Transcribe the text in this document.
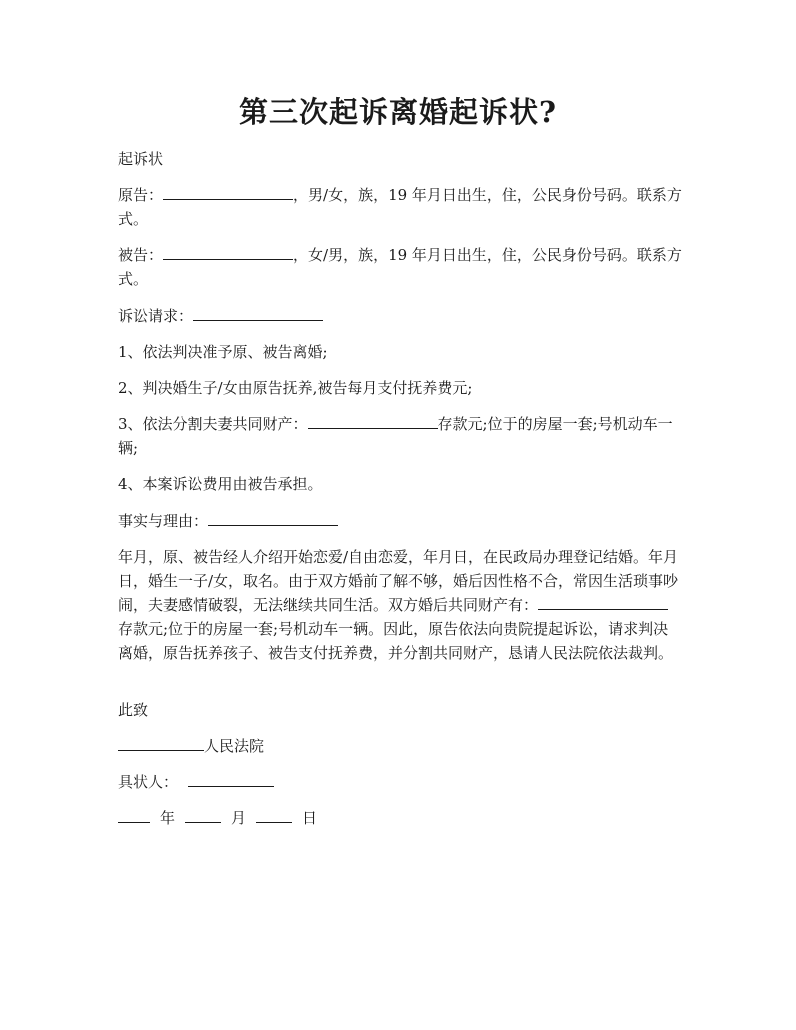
第三次起诉离婚起诉状?

起诉状

原告：	，男/女，族，19 年月日出生，住，公民身份号码。联系方式。

被告：	，女/男，族，19 年月日出生，住，公民身份号码。联系方式。

诉讼请求：

1、依法判决准予原、被告离婚;

2、判决婚生子/女由原告抚养,被告每月支付抚养费元;

3、依法分割夫妻共同财产：	存款元;位于的房屋一套;号机动车一辆;

4、本案诉讼费用由被告承担。

事实与理由：

年月，原、被告经人介绍开始恋爱/自由恋爱，年月日，在民政局办理登记结婚。年月日，婚生一子/女，取名。由于双方婚前了解不够，婚后因性格不合，常因生活琐事吵闹，夫妻感情破裂，无法继续共同生活。双方婚后共同财产有：存款元;位于的房屋一套;号机动车一辆。因此，原告依法向贵院提起诉讼，请求判决离婚，原告抚养孩子、被告支付抚养费，并分割共同财产，恳请人民法院依法裁判。

此致

人民法院

具状人：

年	月	日
